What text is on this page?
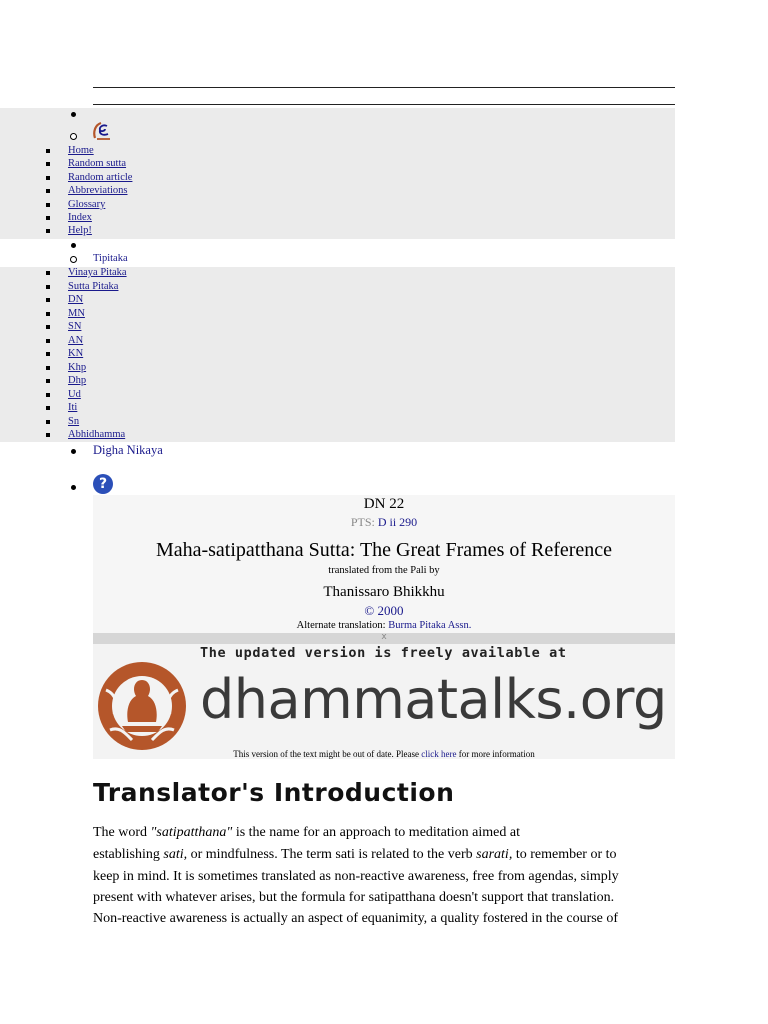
Home
Random sutta
Random article
Abbreviations
Glossary
Index
Help!
Tipitaka
Vinaya Pitaka
Sutta Pitaka
DN
MN
SN
AN
KN
Khp
Dhp
Ud
Iti
Sn
Abhidhamma
Digha Nikaya
?
DN 22
PTS: D ii 290
Maha-satipatthana Sutta: The Great Frames of Reference
translated from the Pali by
Thanissaro Bhikkhu
© 2000
Alternate translation: Burma Pitaka Assn.
x
The updated version is freely available at
dhammatalks.org
This version of the text might be out of date. Please click here for more information
Translator's Introduction
The word "satipatthana" is the name for an approach to meditation aimed at
establishing sati, or mindfulness. The term sati is related to the verb sarati, to remember or to
keep in mind. It is sometimes translated as non-reactive awareness, free from agendas, simply
present with whatever arises, but the formula for satipatthana doesn't support that translation.
Non-reactive awareness is actually an aspect of equanimity, a quality fostered in the course of
